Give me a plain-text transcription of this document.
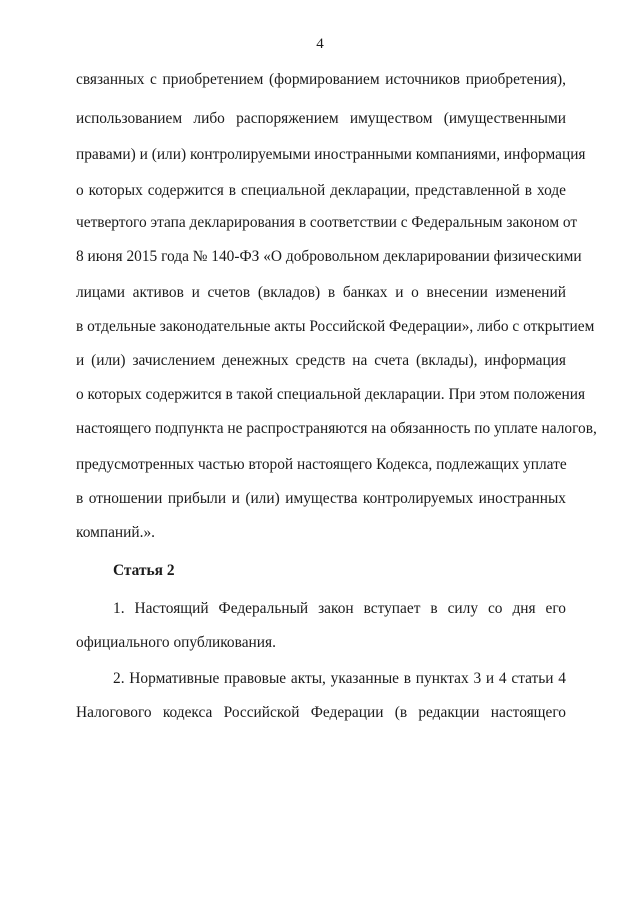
4
связанных с приобретением (формированием источников приобретения),
использованием либо распоряжением имуществом (имущественными
правами) и (или) контролируемыми иностранными компаниями, информация
о которых содержится в специальной декларации, представленной в ходе
четвертого этапа декларирования в соответствии с Федеральным законом от
8 июня 2015 года № 140-ФЗ «О добровольном декларировании физическими
лицами активов и счетов (вкладов) в банках и о внесении изменений
в отдельные законодательные акты Российской Федерации», либо с открытием
и (или) зачислением денежных средств на счета (вклады), информация
о которых содержится в такой специальной декларации. При этом положения
настоящего подпункта не распространяются на обязанность по уплате налогов,
предусмотренных частью второй настоящего Кодекса, подлежащих уплате
в отношении прибыли и (или) имущества контролируемых иностранных
компаний.».
Статья 2
1. Настоящий Федеральный закон вступает в силу со дня его
официального опубликования.
2. Нормативные правовые акты, указанные в пунктах 3 и 4 статьи 4
Налогового кодекса Российской Федерации (в редакции настоящего
